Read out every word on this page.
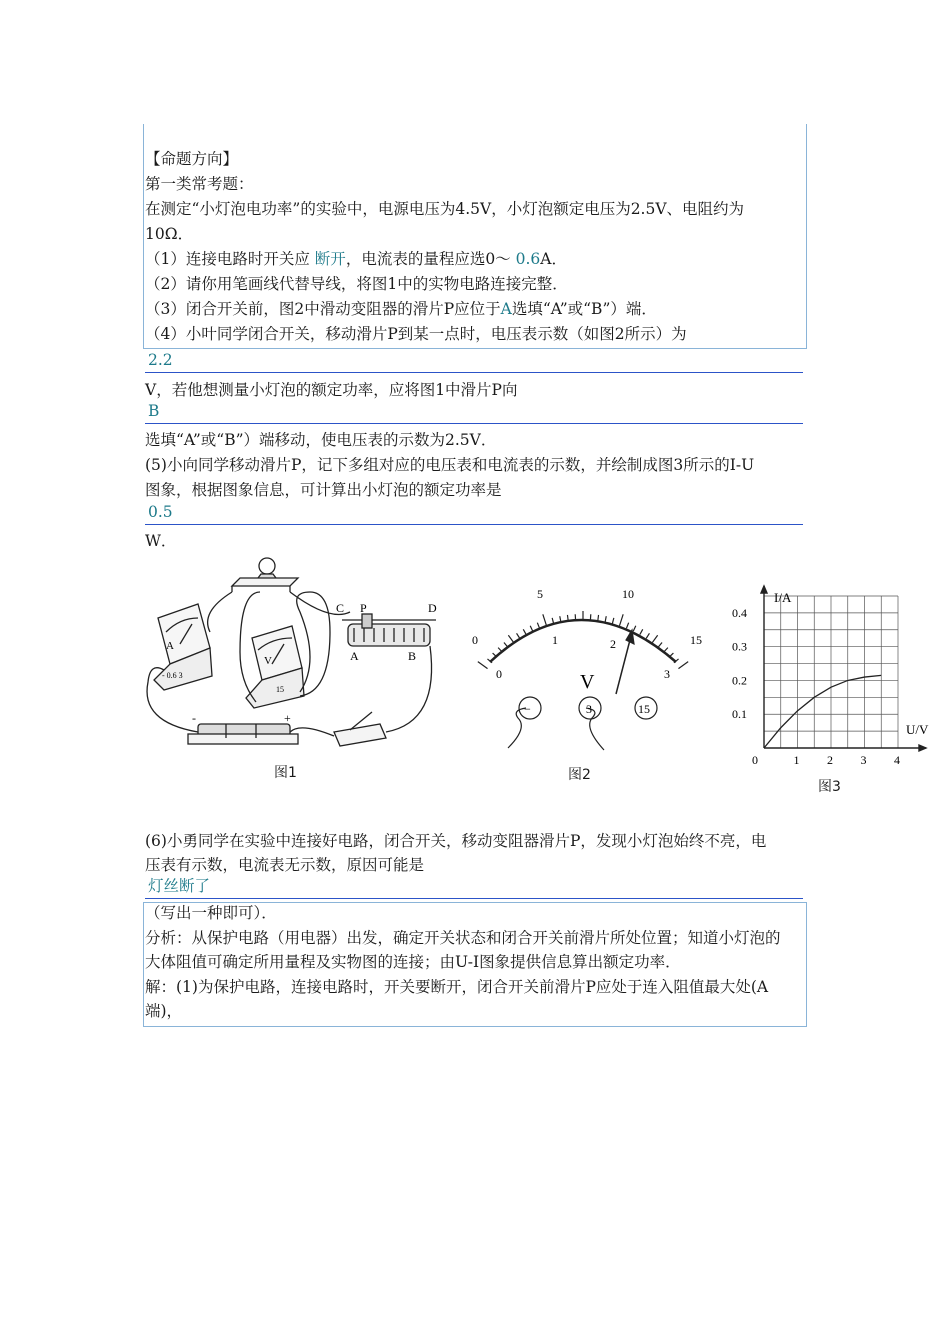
【命题方向】
第一类常考题：
在测定“小灯泡电功率”的实验中，电源电压为4.5V，小灯泡额定电压为2.5V、电阻约为
10Ω．
（1）连接电路时开关应 断开，电流表的量程应选0～ 0.6A．
（2）请你用笔画线代替导线，将图1中的实物电路连接完整．
（3）闭合开关前，图2中滑动变阻器的滑片P应位于A选填“A”或“B”）端．
（4）小叶同学闭合开关，移动滑片P到某一点时，电压表示数（如图2所示）为
2.2
V，若他想测量小灯泡的额定功率，应将图1中滑片P向
B
选填“A”或“B”）端移动，使电压表的示数为2.5V．
(5)小向同学移动滑片P，记下多组对应的电压表和电流表的示数，并绘制成图3所示的I-U
图象，根据图象信息，可计算出小灯泡的额定功率是
0.5
W．
A
- 0.6 3
V
15
C P	D
A	B
-	+
图1
0
5	10
15
0
1	2
3
V
−	3	15
图2
0	1 2 3 4
0.1
0.2
0.3
0.4
I/A
U/V
图3
(6)小勇同学在实验中连接好电路，闭合开关，移动变阻器滑片P，发现小灯泡始终不亮，电
压表有示数，电流表无示数，原因可能是
灯丝断了
（写出一种即可）．
分析：从保护电路（用电器）出发，确定开关状态和闭合开关前滑片所处位置；知道小灯泡的
大体阻值可确定所用量程及实物图的连接；由U-I图象提供信息算出额定功率．
解：(1)为保护电路，连接电路时，开关要断开，闭合开关前滑片P应处于连入阻值最大处(A
端)，
